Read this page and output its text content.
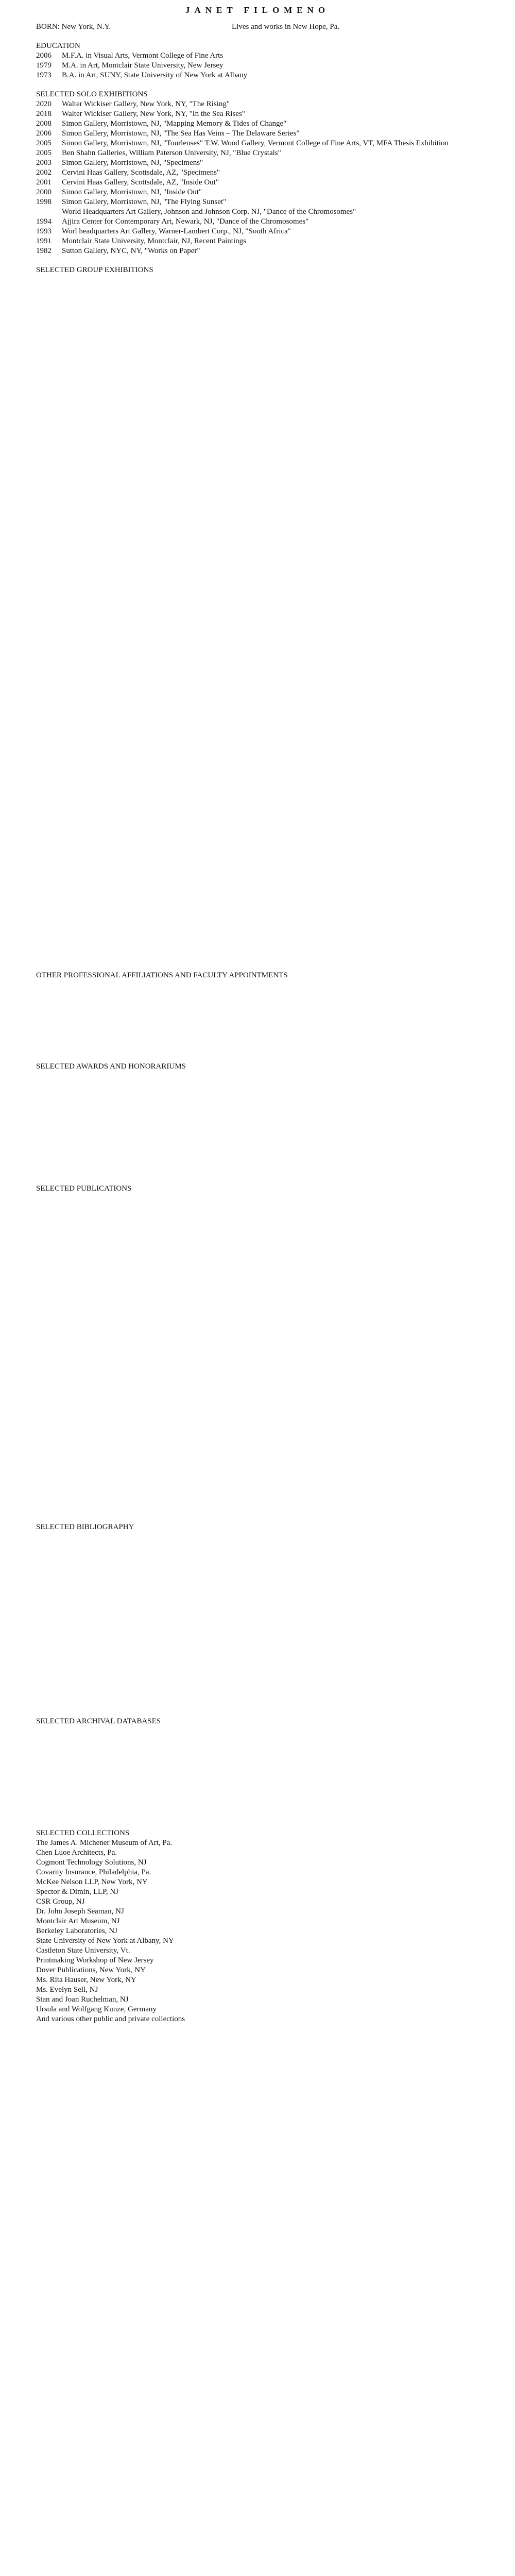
JANET FILOMENO
BORN: New York, N.Y.	Lives and works in New Hope, Pa.
EDUCATION
2006	M.F.A. in Visual Arts, Vermont College of Fine Arts
1979	M.A. in Art, Montclair State University, New Jersey
1973	B.A. in Art, SUNY, State University of New York at Albany
SELECTED SOLO EXHIBITIONS
2020	Walter Wickiser Gallery, New York, NY, "The Rising"
2018	Walter Wickiser Gallery, New York, NY, "In the Sea Rises"
2008	Simon Gallery, Morristown, NJ, "Mapping Memory & Tides of Change"
2006	Simon Gallery, Morristown, NJ, "The Sea Has Veins – The Delaware Series"
2005	Simon Gallery, Morristown, NJ, "Tourlenses" T.W. Wood Gallery, Vermont College of Fine Arts, VT, MFA Thesis Exhibition
2005	Ben Shahn Galleries, William Paterson University, NJ, "Blue Crystals"
2003	Simon Gallery, Morristown, NJ, "Specimens"
2002	Cervini Haas Gallery, Scottsdale, AZ, "Specimens"
2001	Cervini Haas Gallery, Scottsdale, AZ, "Inside Out"
2000	Simon Gallery, Morristown, NJ, "Inside Out"
1998	Simon Gallery, Morristown, NJ, "The Flying Sunset"
World Headquarters Art Gallery, Johnson and Johnson Corp. NJ, "Dance of the Chromosomes"
1994	Ajjira Center for Contemporary Art, Newark, NJ, "Dance of the Chromosomes"
1993	Worl headquarters Art Gallery, Warner-Lambert Corp., NJ, "South Africa"
1991	Montclair State University, Montclair, NJ, Recent Paintings
1982	Sutton Gallery, NYC, NY, "Works on Paper"
SELECTED GROUP EXHIBITIONS
OTHER PROFESSIONAL AFFILIATIONS AND FACULTY APPOINTMENTS
SELECTED AWARDS AND HONORARIUMS
SELECTED PUBLICATIONS
SELECTED BIBLIOGRAPHY
SELECTED ARCHIVAL DATABASES
SELECTED COLLECTIONS
The James A. Michener Museum of Art, Pa.
Chen Luoe Architects, Pa.
Cogmont Technology Solutions, NJ
Covarity Insurance, Philadelphia, Pa.
McKee Nelson LLP, New York, NY
Spector & Dimin, LLP, NJ
CSR Group, NJ
Dr. John Joseph Seaman, NJ
Montclair Art Museum, NJ
Berkeley Laboratories, NJ
State University of New York at Albany, NY
Castleton State University, Vt.
Printmaking Workshop of New Jersey
Dover Publications, New York, NY
Ms. Rita Hauser, New York, NY
Ms. Evelyn Sell, NJ
Stan and Joan Ruchelman, NJ
Ursula and Wolfgang Kunze, Germany
And various other public and private collections
